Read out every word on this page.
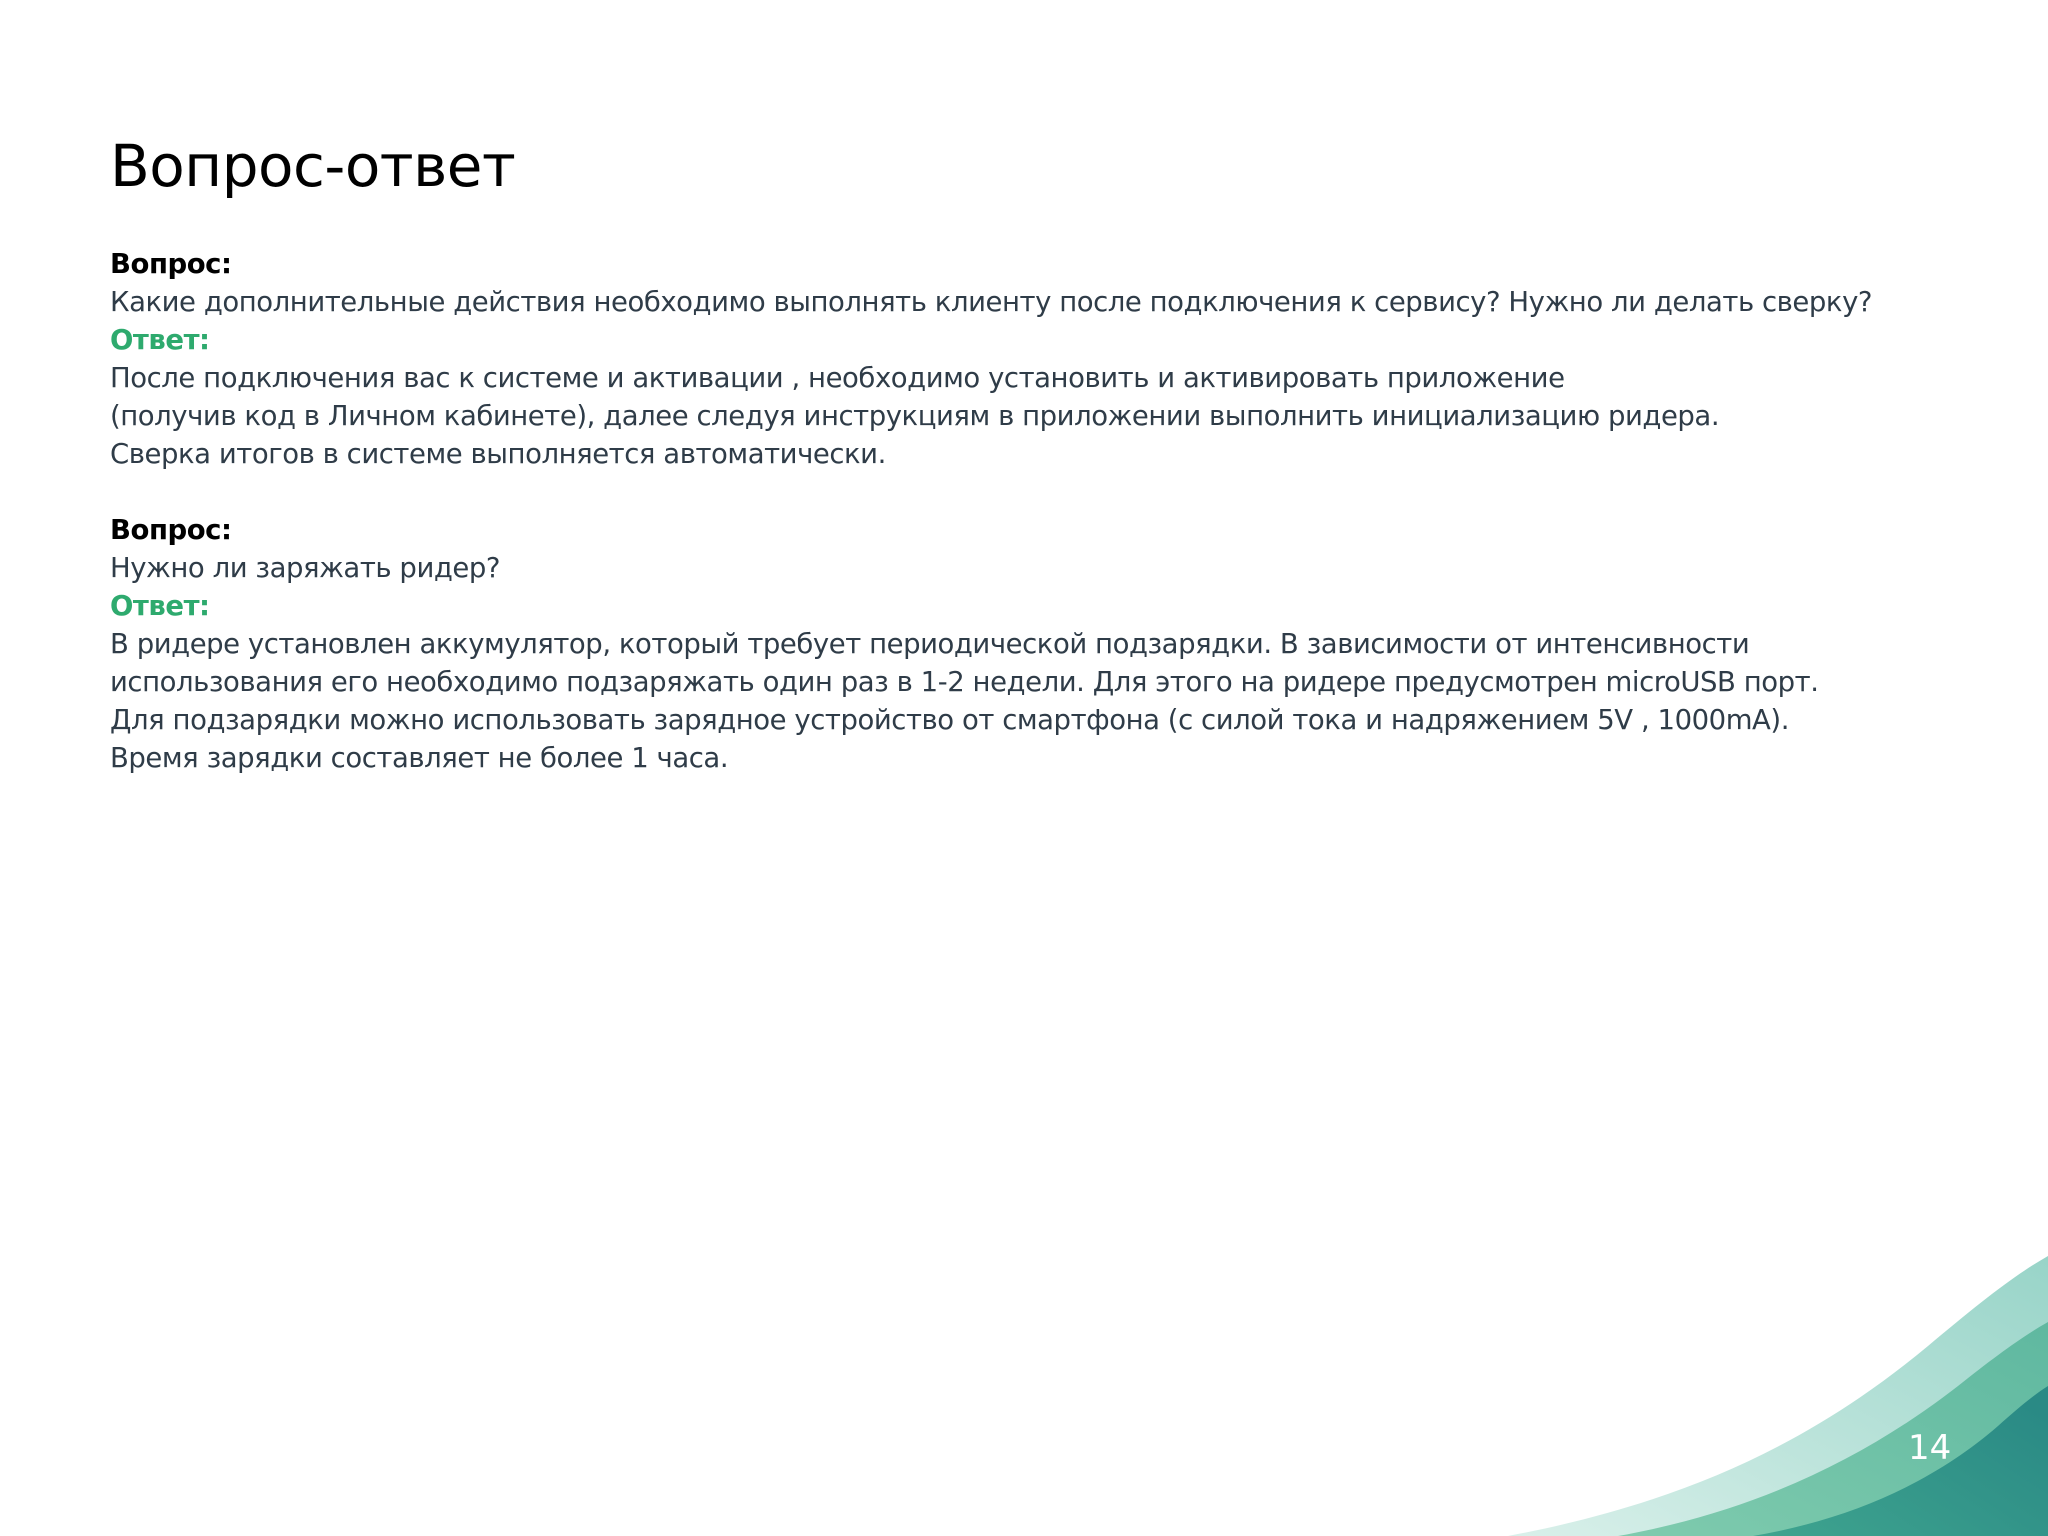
Вопрос-ответ
Вопрос:
Какие дополнительные действия необходимо выполнять клиенту после подключения к сервису? Нужно ли делать сверку?
Ответ:
После подключения вас к системе и активации , необходимо установить и активировать приложение
(получив код в Личном кабинете), далее следуя инструкциям в приложении выполнить инициализацию ридера.
Сверка итогов в системе выполняется автоматически.
Вопрос:
Нужно ли заряжать ридер?
Ответ:
В ридере установлен аккумулятор, который требует периодической подзарядки. В зависимости от интенсивности
использования его необходимо подзаряжать один раз в 1-2 недели. Для этого на ридере предусмотрен microUSB порт.
Для подзарядки можно использовать зарядное устройство от смартфона (с силой тока и надряжением 5V , 1000mA).
Время зарядки составляет не более 1 часа.
14
